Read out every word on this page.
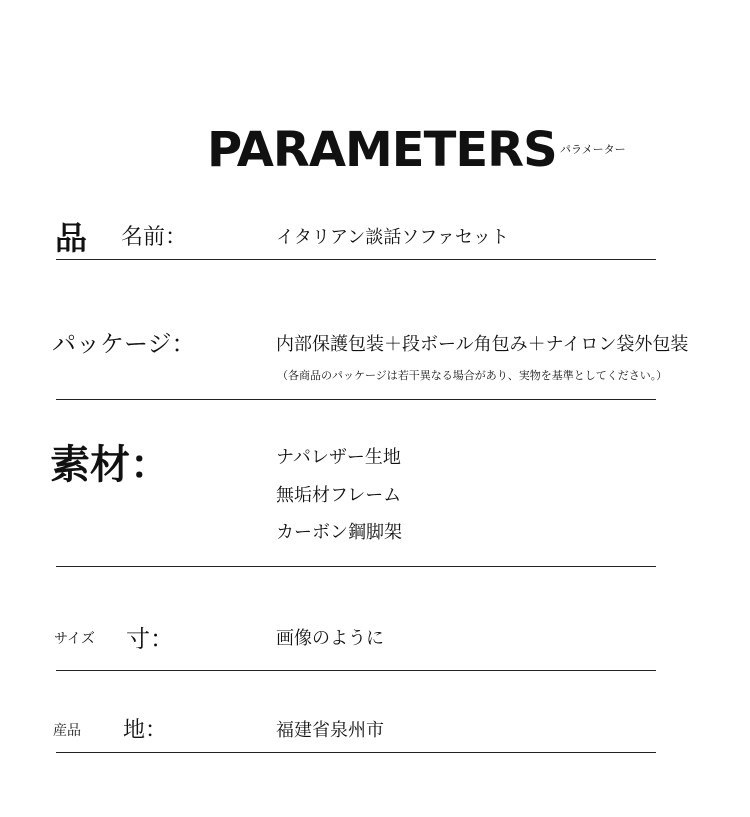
PARAMETERS パラメーター
品 名前：	イタリアン談話ソファセット
パッケージ：	内部保護包装＋段ボール角包み＋ナイロン袋外包装
（各商品のパッケージは若干異なる場合があり、実物を基準としてください。）
素材：	ナパレザー生地
無垢材フレーム
カーボン鋼脚架
サイズ 寸：	画像のように
産品 地：	福建省泉州市
